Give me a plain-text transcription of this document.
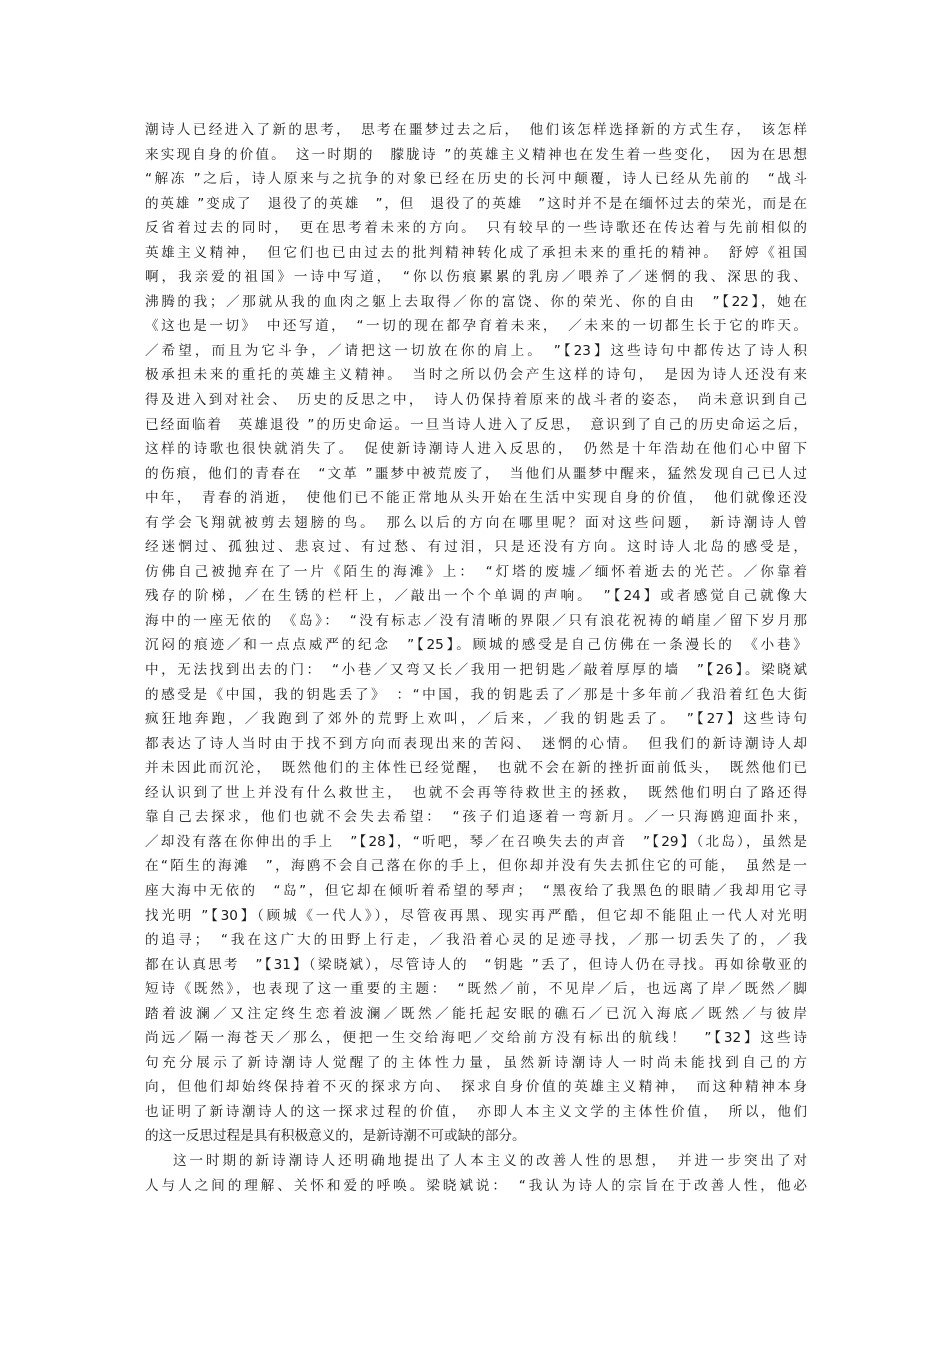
潮诗人已经进入了新的思考，　思考在噩梦过去之后，　他们该怎样选择新的方式生存，　该怎样
来实现自身的价值。　这一时期的　朦胧诗 ”的英雄主义精神也在发生着一些变化，　因为在思想
“解冻 ”之后，诗人原来与之抗争的对象已经在历史的长河中颠覆，诗人已经从先前的　“战斗
的英雄 ”变成了　退役了的英雄　”，但　退役了的英雄　”这时并不是在缅怀过去的荣光，而是在
反省着过去的同时，　更在思考着未来的方向。　只有较早的一些诗歌还在传达着与先前相似的
英雄主义精神，　但它们也已由过去的批判精神转化成了承担未来的重托的精神。　舒婷《祖国
啊，我亲爱的祖国》一诗中写道，　“你以伤痕累累的乳房／喂养了／迷惘的我、深思的我、
沸腾的我；／那就从我的血肉之躯上去取得／你的富饶、你的荣光、你的自由　”【22】，她在
《这也是一切》　中还写道，　“一切的现在都孕育着未来，　／未来的一切都生长于它的昨天。
／希望，而且为它斗争，／请把这一切放在你的肩上。　”【23】这些诗句中都传达了诗人积
极承担未来的重托的英雄主义精神。　当时之所以仍会产生这样的诗句，　是因为诗人还没有来
得及进入到对社会、　历史的反思之中，　诗人仍保持着原来的战斗者的姿态，　尚未意识到自己
已经面临着　英雄退役 ”的历史命运。一旦当诗人进入了反思，　意识到了自己的历史命运之后，
这样的诗歌也很快就消失了。　促使新诗潮诗人进入反思的，　仍然是十年浩劫在他们心中留下
的伤痕，他们的青春在　“文革 ”噩梦中被荒废了，　当他们从噩梦中醒来，猛然发现自己已人过
中年，　青春的消逝，　使他们已不能正常地从头开始在生活中实现自身的价值，　他们就像还没
有学会飞翔就被剪去翅膀的鸟。　那么以后的方向在哪里呢？面对这些问题，　新诗潮诗人曾
经迷惘过、孤独过、悲哀过、有过愁、有过泪，只是还没有方向。这时诗人北岛的感受是，
仿佛自己被抛弃在了一片《陌生的海滩》上：　“灯塔的废墟／缅怀着逝去的光芒。／你靠着
残存的阶梯，／在生锈的栏杆上，／敲出一个个单调的声响。　”【24】或者感觉自己就像大
海中的一座无依的　《岛》：　“没有标志／没有清晰的界限／只有浪花祝祷的峭崖／留下岁月那
沉闷的痕迹／和一点点威严的纪念　”【25】。顾城的感受是自己仿佛在一条漫长的　《小巷》
中，无法找到出去的门：　“小巷／又弯又长／我用一把钥匙／敲着厚厚的墙　”【26】。梁晓斌
的感受是《中国，我的钥匙丢了》　：“中国，我的钥匙丢了／那是十多年前／我沿着红色大街
疯狂地奔跑，／我跑到了郊外的荒野上欢叫，／后来，／我的钥匙丢了。　”【27】这些诗句
都表达了诗人当时由于找不到方向而表现出来的苦闷、　迷惘的心情。　但我们的新诗潮诗人却
并未因此而沉沦，　既然他们的主体性已经觉醒，　也就不会在新的挫折面前低头，　既然他们已
经认识到了世上并没有什么救世主，　也就不会再等待救世主的拯救，　既然他们明白了路还得
靠自己去探求，他们也就不会失去希望：　“孩子们追逐着一弯新月。／一只海鸥迎面扑来，
／却没有落在你伸出的手上　”【28】，“听吧，琴／在召唤失去的声音　”【29】（北岛），虽然是
在“陌生的海滩　”，海鸥不会自己落在你的手上，但你却并没有失去抓住它的可能，　虽然是一
座大海中无依的　“岛”，但它却在倾听着希望的琴声；　“黑夜给了我黑色的眼睛／我却用它寻
找光明 ”【30】（顾城《一代人》），尽管夜再黑、现实再严酷，但它却不能阻止一代人对光明
的追寻；　“我在这广大的田野上行走，／我沿着心灵的足迹寻找，／那一切丢失了的，／我
都在认真思考　”【31】（梁晓斌），尽管诗人的　“钥匙 ”丢了，但诗人仍在寻找。再如徐敬亚的
短诗《既然》，也表现了这一重要的主题：　“既然／前，不见岸／后，也远离了岸／既然／脚
踏着波澜／又注定终生恋着波澜／既然／能托起安眠的礁石／已沉入海底／既然／与彼岸
尚远／隔一海苍天／那么，便把一生交给海吧／交给前方没有标出的航线！　”【32】这些诗
句充分展示了新诗潮诗人觉醒了的主体性力量，虽然新诗潮诗人一时尚未能找到自己的方
向，但他们却始终保持着不灭的探求方向、　探求自身价值的英雄主义精神，　而这种精神本身
也证明了新诗潮诗人的这一探求过程的价值，　亦即人本主义文学的主体性价值，　所以，他们
的这一反思过程是具有积极意义的，是新诗潮不可或缺的部分。
这一时期的新诗潮诗人还明确地提出了人本主义的改善人性的思想，　并进一步突出了对
人与人之间的理解、关怀和爱的呼唤。梁晓斌说：　“我认为诗人的宗旨在于改善人性，他必
